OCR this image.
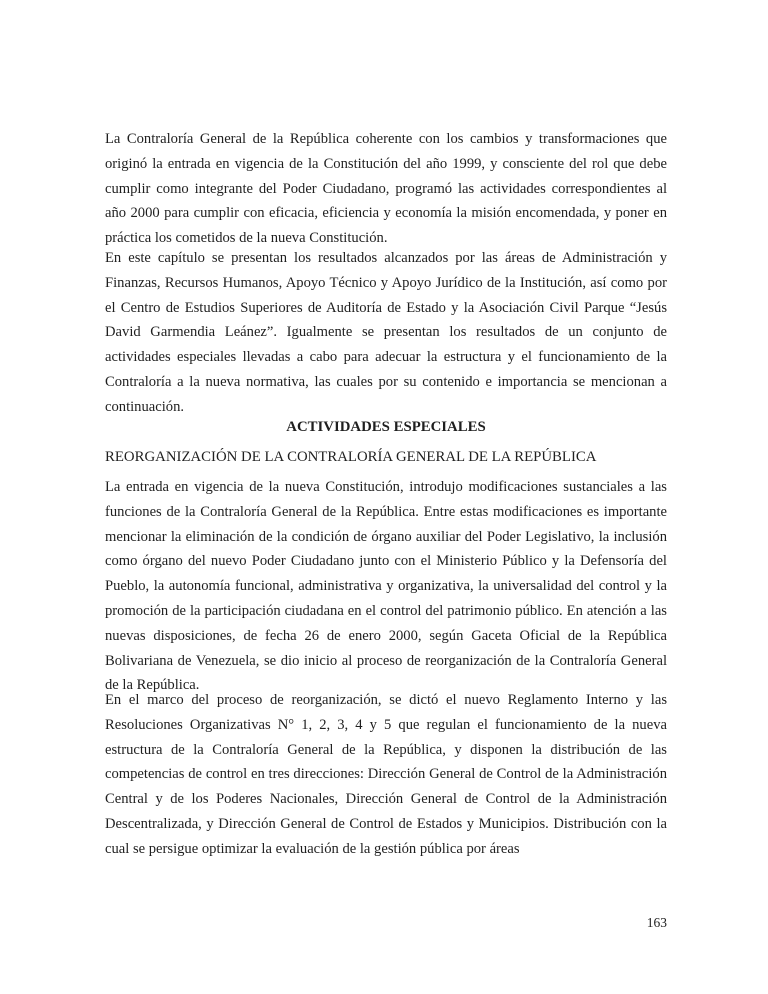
La Contraloría General de la República coherente con los cambios y transformaciones que originó la entrada en vigencia de la Constitución del año 1999, y consciente del rol que debe cumplir como integrante del Poder Ciudadano, programó las actividades correspondientes al año 2000 para cumplir con eficacia, eficiencia y economía la misión encomendada, y poner en práctica los cometidos de la nueva Constitución.

En este capítulo se presentan los resultados alcanzados por las áreas de Administración y Finanzas, Recursos Humanos, Apoyo Técnico y Apoyo Jurídico de la Institución, así como por el Centro de Estudios Superiores de Auditoría de Estado y la Asociación Civil Parque “Jesús David Garmendia Leánez”. Igualmente se presentan los resultados de un conjunto de actividades especiales llevadas a cabo para adecuar la estructura y el funcionamiento de la Contraloría a la nueva normativa, las cuales por su contenido e importancia se mencionan a continuación.

ACTIVIDADES ESPECIALES
REORGANIZACIÓN DE LA CONTRALORÍA GENERAL DE LA REPÚBLICA

La entrada en vigencia de la nueva Constitución, introdujo modificaciones sustanciales a las funciones de la Contraloría General de la República. Entre estas modificaciones es importante mencionar la eliminación de la condición de órgano auxiliar del Poder Legislativo, la inclusión como órgano del nuevo Poder Ciudadano junto con el Ministerio Público y la Defensoría del Pueblo, la autonomía funcional, administrativa y organizativa, la universalidad del control y la promoción de la participación ciudadana en el control del patrimonio público. En atención a las nuevas disposiciones, de fecha 26 de enero 2000, según Gaceta Oficial de la República Bolivariana de Venezuela, se dio inicio al proceso de reorganización de la Contraloría General de la República.

En el marco del proceso de reorganización, se dictó el nuevo Reglamento Interno y las Resoluciones Organizativas N° 1, 2, 3, 4 y 5 que regulan el funcionamiento de la nueva estructura de la Contraloría General de la República, y disponen la distribución de las competencias de control en tres direcciones: Dirección General de Control de la Administración Central y de los Poderes Nacionales, Dirección General de Control de la Administración Descentralizada, y Dirección General de Control de Estados y Municipios. Distribución con la cual se persigue optimizar la evaluación de la gestión pública por áreas

163
